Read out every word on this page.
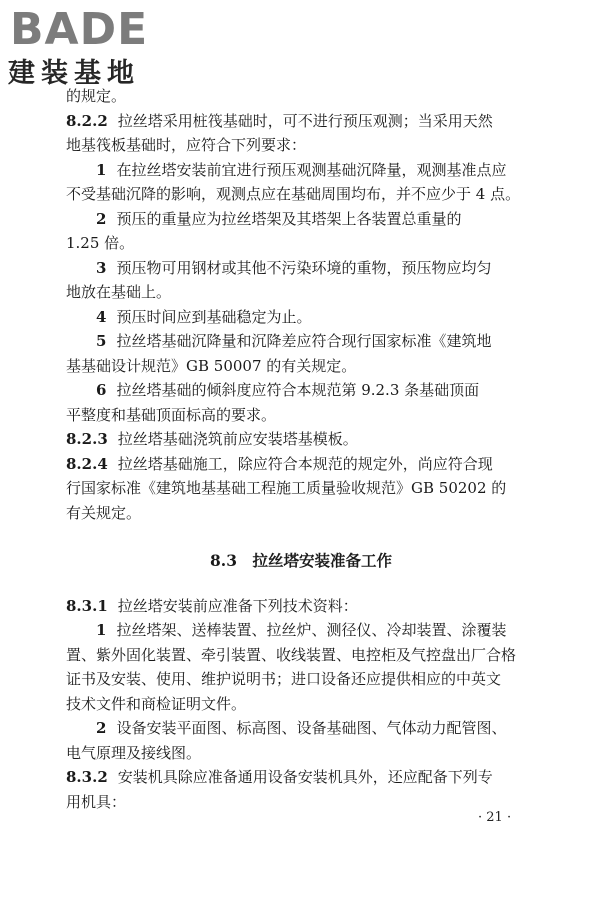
BADE
建装基地
的规定。
8.2.2 拉丝塔采用桩筏基础时，可不进行预压观测；当采用天然
地基筏板基础时，应符合下列要求：
1 在拉丝塔安装前宜进行预压观测基础沉降量，观测基准点应
不受基础沉降的影响，观测点应在基础周围均布，并不应少于 4 点。
2 预压的重量应为拉丝塔架及其塔架上各装置总重量的
1.25 倍。
3 预压物可用钢材或其他不污染环境的重物，预压物应均匀
地放在基础上。
4 预压时间应到基础稳定为止。
5 拉丝塔基础沉降量和沉降差应符合现行国家标准《建筑地
基基础设计规范》GB 50007 的有关规定。
6 拉丝塔基础的倾斜度应符合本规范第 9.2.3 条基础顶面
平整度和基础顶面标高的要求。
8.2.3 拉丝塔基础浇筑前应安装塔基模板。
8.2.4 拉丝塔基础施工，除应符合本规范的规定外，尚应符合现
行国家标准《建筑地基基础工程施工质量验收规范》GB 50202 的
有关规定。
8.3　拉丝塔安装准备工作
8.3.1 拉丝塔安装前应准备下列技术资料：
1 拉丝塔架、送棒装置、拉丝炉、测径仪、冷却装置、涂覆装
置、紫外固化装置、牵引装置、收线装置、电控柜及气控盘出厂合格
证书及安装、使用、维护说明书；进口设备还应提供相应的中英文
技术文件和商检证明文件。
2 设备安装平面图、标高图、设备基础图、气体动力配管图、
电气原理及接线图。
8.3.2 安装机具除应准备通用设备安装机具外，还应配备下列专
用机具：
· 21 ·
